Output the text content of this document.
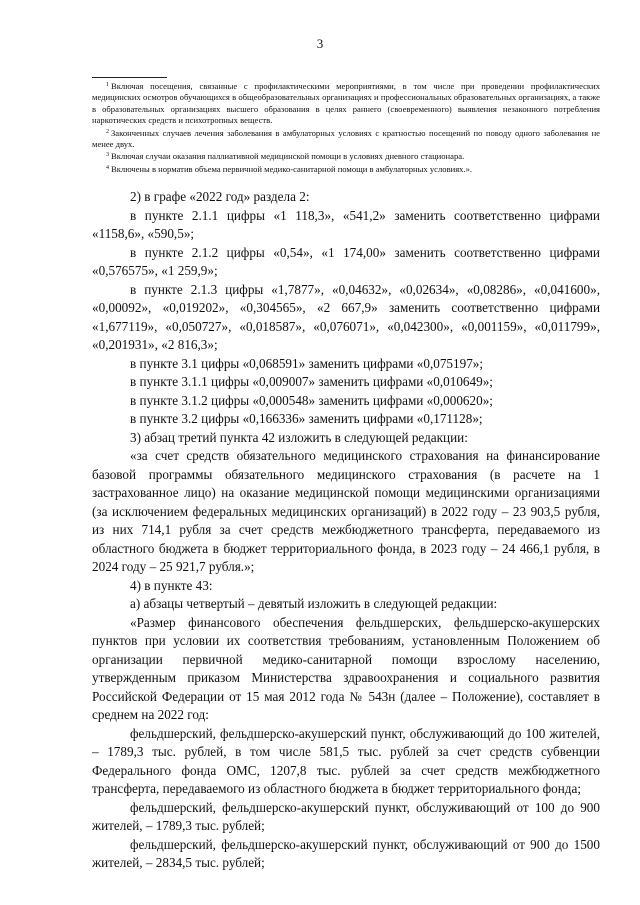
3

$^1$ Включая посещения, связанные с профилактическими мероприятиями, в том числе при проведении профилактических медицинских осмотров обучающихся в общеобразовательных организациях и профессиональных образовательных организациях, а также в образовательных организациях высшего образования в целях раннего (своевременного) выявления незаконного потребления наркотических средств и психотропных веществ.

$^2$ Законченных случаев лечения заболевания в амбулаторных условиях с кратностью посещений по поводу одного заболевания не менее двух.

$^3$ Включая случаи оказания паллиативной медицинской помощи в условиях дневного стационара.

$^4$ Включены в норматив объема первичной медико-санитарной помощи в амбулаторных условиях.».

2) в графе «2022 год» раздела 2:

в пункте 2.1.1 цифры «1 118,3», «541,2» заменить соответственно цифрами «1158,6», «590,5»;

в пункте 2.1.2 цифры «0,54», «1 174,00» заменить соответственно цифрами «0,576575», «1 259,9»;

в пункте 2.1.3 цифры «1,7877», «0,04632», «0,02634», «0,08286», «0,041600», «0,00092», «0,019202», «0,304565», «2 667,9» заменить соответственно цифрами «1,677119», «0,050727», «0,018587», «0,076071», «0,042300», «0,001159», «0,011799», «0,201931», «2 816,3»;

в пункте 3.1 цифры «0,068591» заменить цифрами «0,075197»;

в пункте 3.1.1 цифры «0,009007» заменить цифрами «0,010649»;

в пункте 3.1.2 цифры «0,000548» заменить цифрами «0,000620»;

в пункте 3.2 цифры «0,166336» заменить цифрами «0,171128»;

3) абзац третий пункта 42 изложить в следующей редакции:

«за счет средств обязательного медицинского страхования на финансирование базовой программы обязательного медицинского страхования (в расчете на 1 застрахованное лицо) на оказание медицинской помощи медицинскими организациями (за исключением федеральных медицинских организаций) в 2022 году – 23 903,5 рубля, из них 714,1 рубля за счет средств межбюджетного трансферта, передаваемого из областного бюджета в бюджет территориального фонда, в 2023 году – 24 466,1 рубля, в 2024 году – 25 921,7 рубля.»;

4) в пункте 43:

а) абзацы четвертый – девятый изложить в следующей редакции:

«Размер финансового обеспечения фельдшерских, фельдшерско-акушерских пунктов при условии их соответствия требованиям, установленным Положением об организации первичной медико-санитарной помощи взрослому населению, утвержденным приказом Министерства здравоохранения и социального развития Российской Федерации от 15 мая 2012 года № 543н (далее – Положение), составляет в среднем на 2022 год:

фельдшерский, фельдшерско-акушерский пункт, обслуживающий до 100 жителей, – 1789,3 тыс. рублей, в том числе 581,5 тыс. рублей за счет средств субвенции Федерального фонда ОМС, 1207,8 тыс. рублей за счет средств межбюджетного трансферта, передаваемого из областного бюджета в бюджет территориального фонда;

фельдшерский, фельдшерско-акушерский пункт, обслуживающий от 100 до 900 жителей, – 1789,3 тыс. рублей;

фельдшерский, фельдшерско-акушерский пункт, обслуживающий от 900 до 1500 жителей, – 2834,5 тыс. рублей;
